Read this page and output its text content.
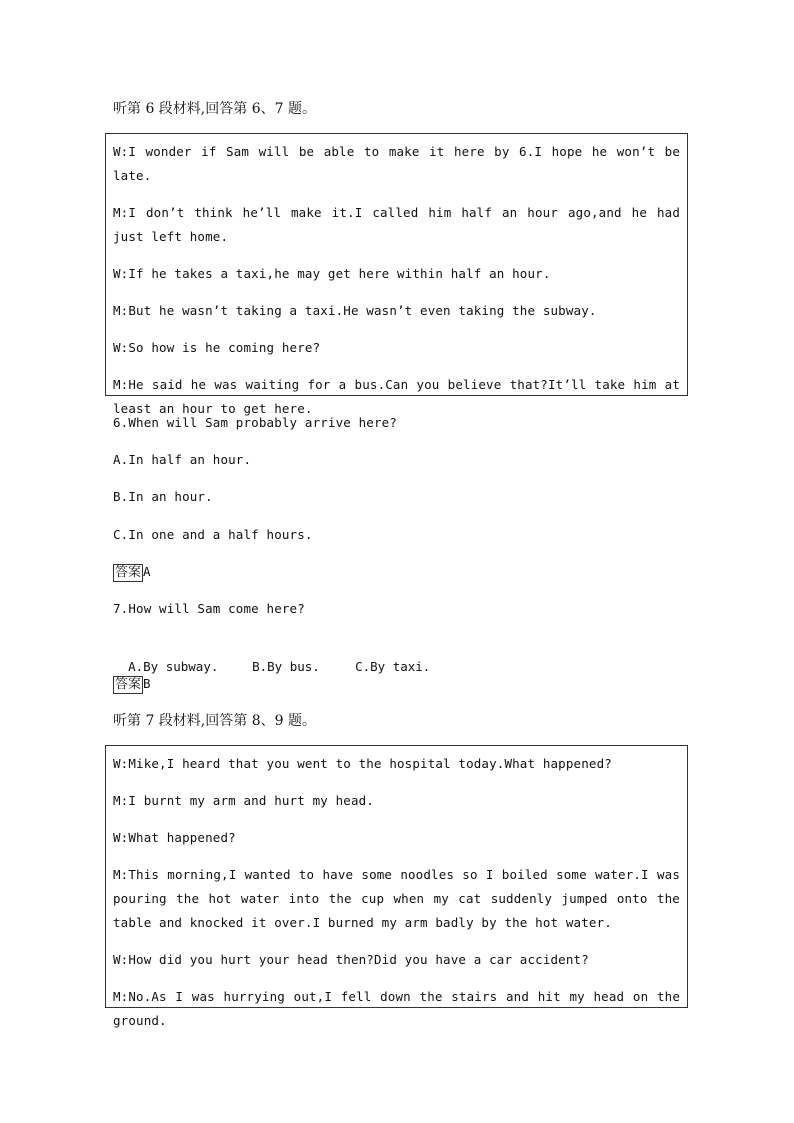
听第 6 段材料,回答第 6、7 题。

W:I wonder if Sam will be able to make it here by 6.I hope he won’t be late.

M:I don’t think he’ll make it.I called him half an hour ago,and he had just left home.

W:If he takes a taxi,he may get here within half an hour.

M:But he wasn’t taking a taxi.He wasn’t even taking the subway.

W:So how is he coming here?

M:He said he was waiting for a bus.Can you believe that?It’ll take him at least an hour to get here.

6.When will Sam probably arrive here?
A.In half an hour.
B.In an hour.
C.In one and a half hours.
答案 A
7.How will Sam come here?

A.By subway.	B.By bus.	C.By taxi.

答案 B
听第 7 段材料,回答第 8、9 题。

W:Mike,I heard that you went to the hospital today.What happened?

M:I burnt my arm and hurt my head.

W:What happened?

M:This morning,I wanted to have some noodles so I boiled some water.I was pouring the hot water into the cup when my cat suddenly jumped onto the table and knocked it over.I burned my arm badly by the hot water.

W:How did you hurt your head then?Did you have a car accident?

M:No.As I was hurrying out,I fell down the stairs and hit my head on the ground.
